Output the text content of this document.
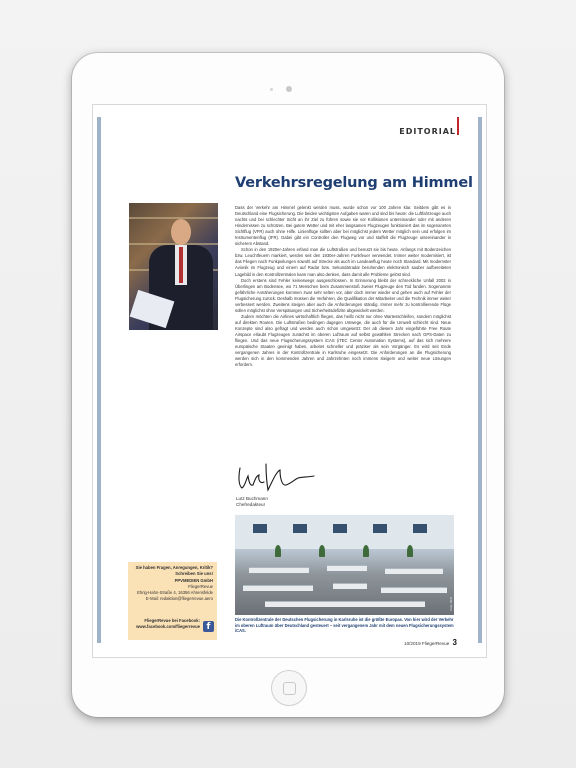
EDITORIAL
Verkehrsregelung am Himmel

Dass der Verkehr am Himmel gelenkt werden muss, wurde schon vor 100 Jahren klar. Seitdem gibt es in Deutschland eine Flugsicherung. Die beiden wichtigsten Aufgaben waren und sind bis heute: die Luftfahrzeuge auch nachts und bei schlechter Sicht an ihr Ziel zu führen sowie sie vor Kollisionen untereinander oder mit anderen Hindernissen zu schützen. Bei gutem Wetter und mit eher langsamen Flugzeugen funktioniert das im sogenannten Sichtflug (VFR) auch ohne Hilfe. Linienflüge sollten aber bei möglichst jedem Wetter möglich sein und erfolgen im Instrumentenflug (IFR). Dabei gibt ein Controller den Flugweg vor und staffelt die Flugzeuge untereinander in sicherem Abstand.

Schon in den 1920er-Jahren erfand man die Luftstraßen und benutzt sie bis heute. Anfangs mit Bodenzeichen bzw. Leuchtfeuern markiert, werden seit den 1930er-Jahren Funkfeuer verwendet. Immer weiter modernisiert, ist das Fliegen nach Funkpeilungen sowohl auf Strecke als auch im Landeanflug heute noch Standard. Mit modernster Avionik im Flugzeug und einem auf Radar bzw. Sekundärradar beruhenden elektronisch sauber aufbereiteten Lagebild in den Kontrollzentralen kann man also denken, dass damit alle Probleme gelöst sind.

Doch erstens sind Fehler keineswegs ausgeschlossen. In Erinnerung bleibt der schreckliche Unfall 2002 in Überlingen am Bodensee, wo 71 Menschen beim Zusammenstoß zweier Flugzeuge den Tod fanden. Sogenannte gefährliche Annäherungen kommen zwar sehr selten vor, aber doch immer wieder und gehen auch auf Fehler der Flugsicherung zurück. Deshalb müssen die Verfahren, die Qualifikation der Mitarbeiter und die Technik immer weiter verbessert werden. Zweitens steigen aber auch die Anforderungen ständig. Immer mehr zu kontrollierende Flüge sollen möglichst ohne Verspätungen und Sicherheitsdefizite abgewickelt werden.

Zudem möchten die Airlines wirtschaftlich fliegen, das heißt nicht nur ohne Wartesschleifen, sondern möglichst auf direkten Routen. Die Luftstraßen bedingen dagegen Umwege, die auch für die Umwelt schlecht sind. Neue Konzepte sind also gefragt und werden auch schon umgesetzt: Der ab diesem Jahr eingeführte Free Route Airspace erlaubt Flugzeugen zunächst im oberen Luftraum auf selbst gewählten Strecken nach GPS-Daten zu fliegen. Und das neue Flugsicherungssystem iCAS (iTEC Center Automation Systems), auf das sich mehrere europäische Staaten geeinigt haben, arbeitet schneller und präziser als sein Vorgänger. Es wird seit Ende vergangenen Jahres in der Kontrollzentrale in Karlsruhe eingesetzt. Die Anforderungen an die Flugsicherung werden sich in den kommenden Jahren und Jahrzehnten noch immens steigern und weiter neue Lösungen erfordern.

Lutz Buchmann
Chefredakteur
Foto: DFS
Die Kontrollzentrale der Deutschen Flugsicherung in Karlsruhe ist die größte Europas. Von hier wird der Verkehr im oberen Luftraum über Deutschland gesteuert – seit vergangenem Jahr mit dem neuen Flugsicherungssystem iCAS.
10/2019 FliegerRevue 3
Sie haben Fragen, Anregungen, Kritik? Schreiben Sie uns!
PPVMEDIEN GmbH
FliegerRevue
Ehrig-Hahn-Straße 4, 16356 Ahrensfelde
E-Mail: redaktion@fliegerrevue.aero
FliegerRevue bei Facebook:
www.facebook.com/fliegerrevue f
